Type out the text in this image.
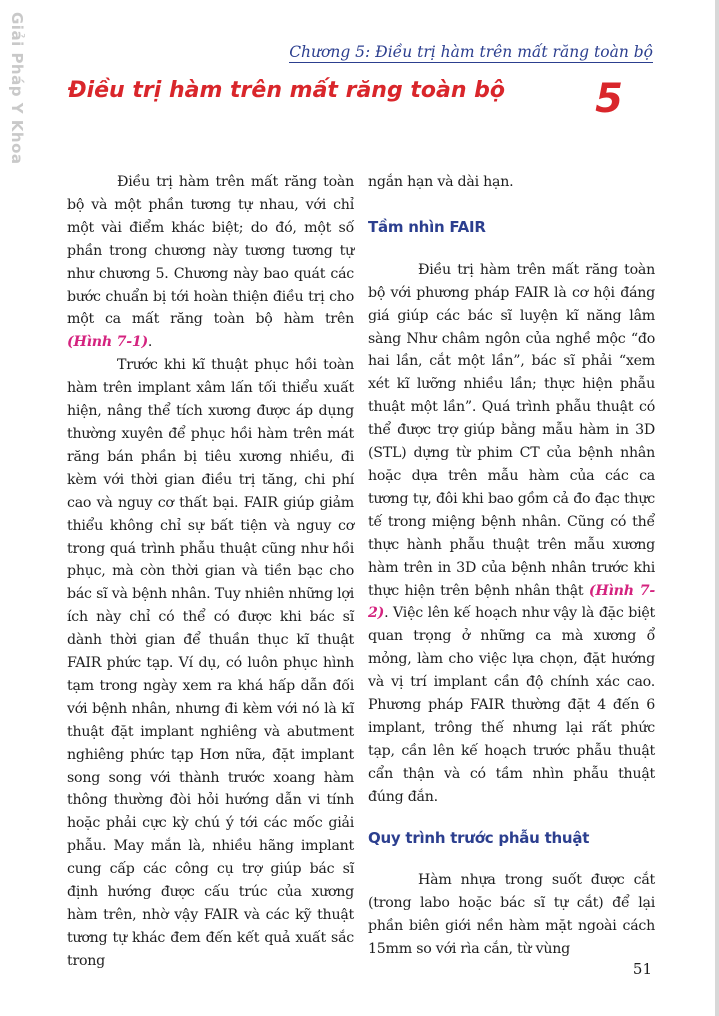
Giải Pháp Y Khoa	Chương 5: Điều trị hàm trên mất răng toàn bộ
Điều trị hàm trên mất răng toàn bộ 5

Điều trị hàm trên mất răng toàn bộ và một phần tương tự nhau, với chỉ một vài điểm khác biệt; do đó, một số phần trong chương này tương tương tự như chương 5. Chương này bao quát các bước chuẩn bị tới hoàn thiện điều trị cho một ca mất răng toàn bộ hàm trên (Hình 7-1).

Trước khi kĩ thuật phục hồi toàn hàm trên implant xâm lấn tối thiểu xuất hiện, nâng thể tích xương được áp dụng thường xuyên để phục hồi hàm trên mát răng bán phần bị tiêu xương nhiều, đi kèm với thời gian điều trị tăng, chi phí cao và nguy cơ thất bại. FAIR giúp giảm thiểu không chỉ sự bất tiện và nguy cơ trong quá trình phẫu thuật cũng như hồi phục, mà còn thời gian và tiền bạc cho bác sĩ và bệnh nhân. Tuy nhiên những lợi ích này chỉ có thể có được khi bác sĩ dành thời gian để thuần thục kĩ thuật FAIR phức tạp. Ví dụ, có luôn phục hình tạm trong ngày xem ra khá hấp dẫn đối với bệnh nhân, nhưng đi kèm với nó là kĩ thuật đặt implant nghiêng và abutment nghiêng phức tạp Hơn nữa, đặt implant song song với thành trước xoang hàm thông thường đòi hỏi hướng dẫn vi tính hoặc phải cực kỳ chú ý tới các mốc giải phẫu. May mắn là, nhiều hãng implant cung cấp các công cụ trợ giúp bác sĩ định hướng được cấu trúc của xương hàm trên, nhờ vậy FAIR và các kỹ thuật tương tự khác đem đến kết quả xuất sắc trong

ngắn hạn và dài hạn.

Tầm nhìn FAIR

Điều trị hàm trên mất răng toàn bộ với phương pháp FAIR là cơ hội đáng giá giúp các bác sĩ luyện kĩ năng lâm sàng Như châm ngôn của nghề mộc “đo hai lần, cắt một lần”, bác sĩ phải “xem xét kĩ lưỡng nhiều lần; thực hiện phẫu thuật một lần”. Quá trình phẫu thuật có thể được trợ giúp bằng mẫu hàm in 3D (STL) dựng từ phim CT của bệnh nhân hoặc dựa trên mẫu hàm của các ca tương tự, đôi khi bao gồm cả đo đạc thực tế trong miệng bệnh nhân. Cũng có thể thực hành phẫu thuật trên mẫu xương hàm trên in 3D của bệnh nhân trước khi thực hiện trên bệnh nhân thật (Hình 7-2). Việc lên kế hoạch như vậy là đặc biệt quan trọng ở những ca mà xương ổ mỏng, làm cho việc lựa chọn, đặt hướng và vị trí implant cần độ chính xác cao. Phương pháp FAIR thường đặt 4 đến 6 implant, trông thế nhưng lại rất phức tạp, cần lên kế hoạch trước phẫu thuật cẩn thận và có tầm nhìn phẫu thuật đúng đắn.

Quy trình trước phẫu thuật

Hàm nhựa trong suốt được cắt (trong labo hoặc bác sĩ tự cắt) để lại phần biên giới nền hàm mặt ngoài cách 15mm so với rìa cắn, từ vùng

51
